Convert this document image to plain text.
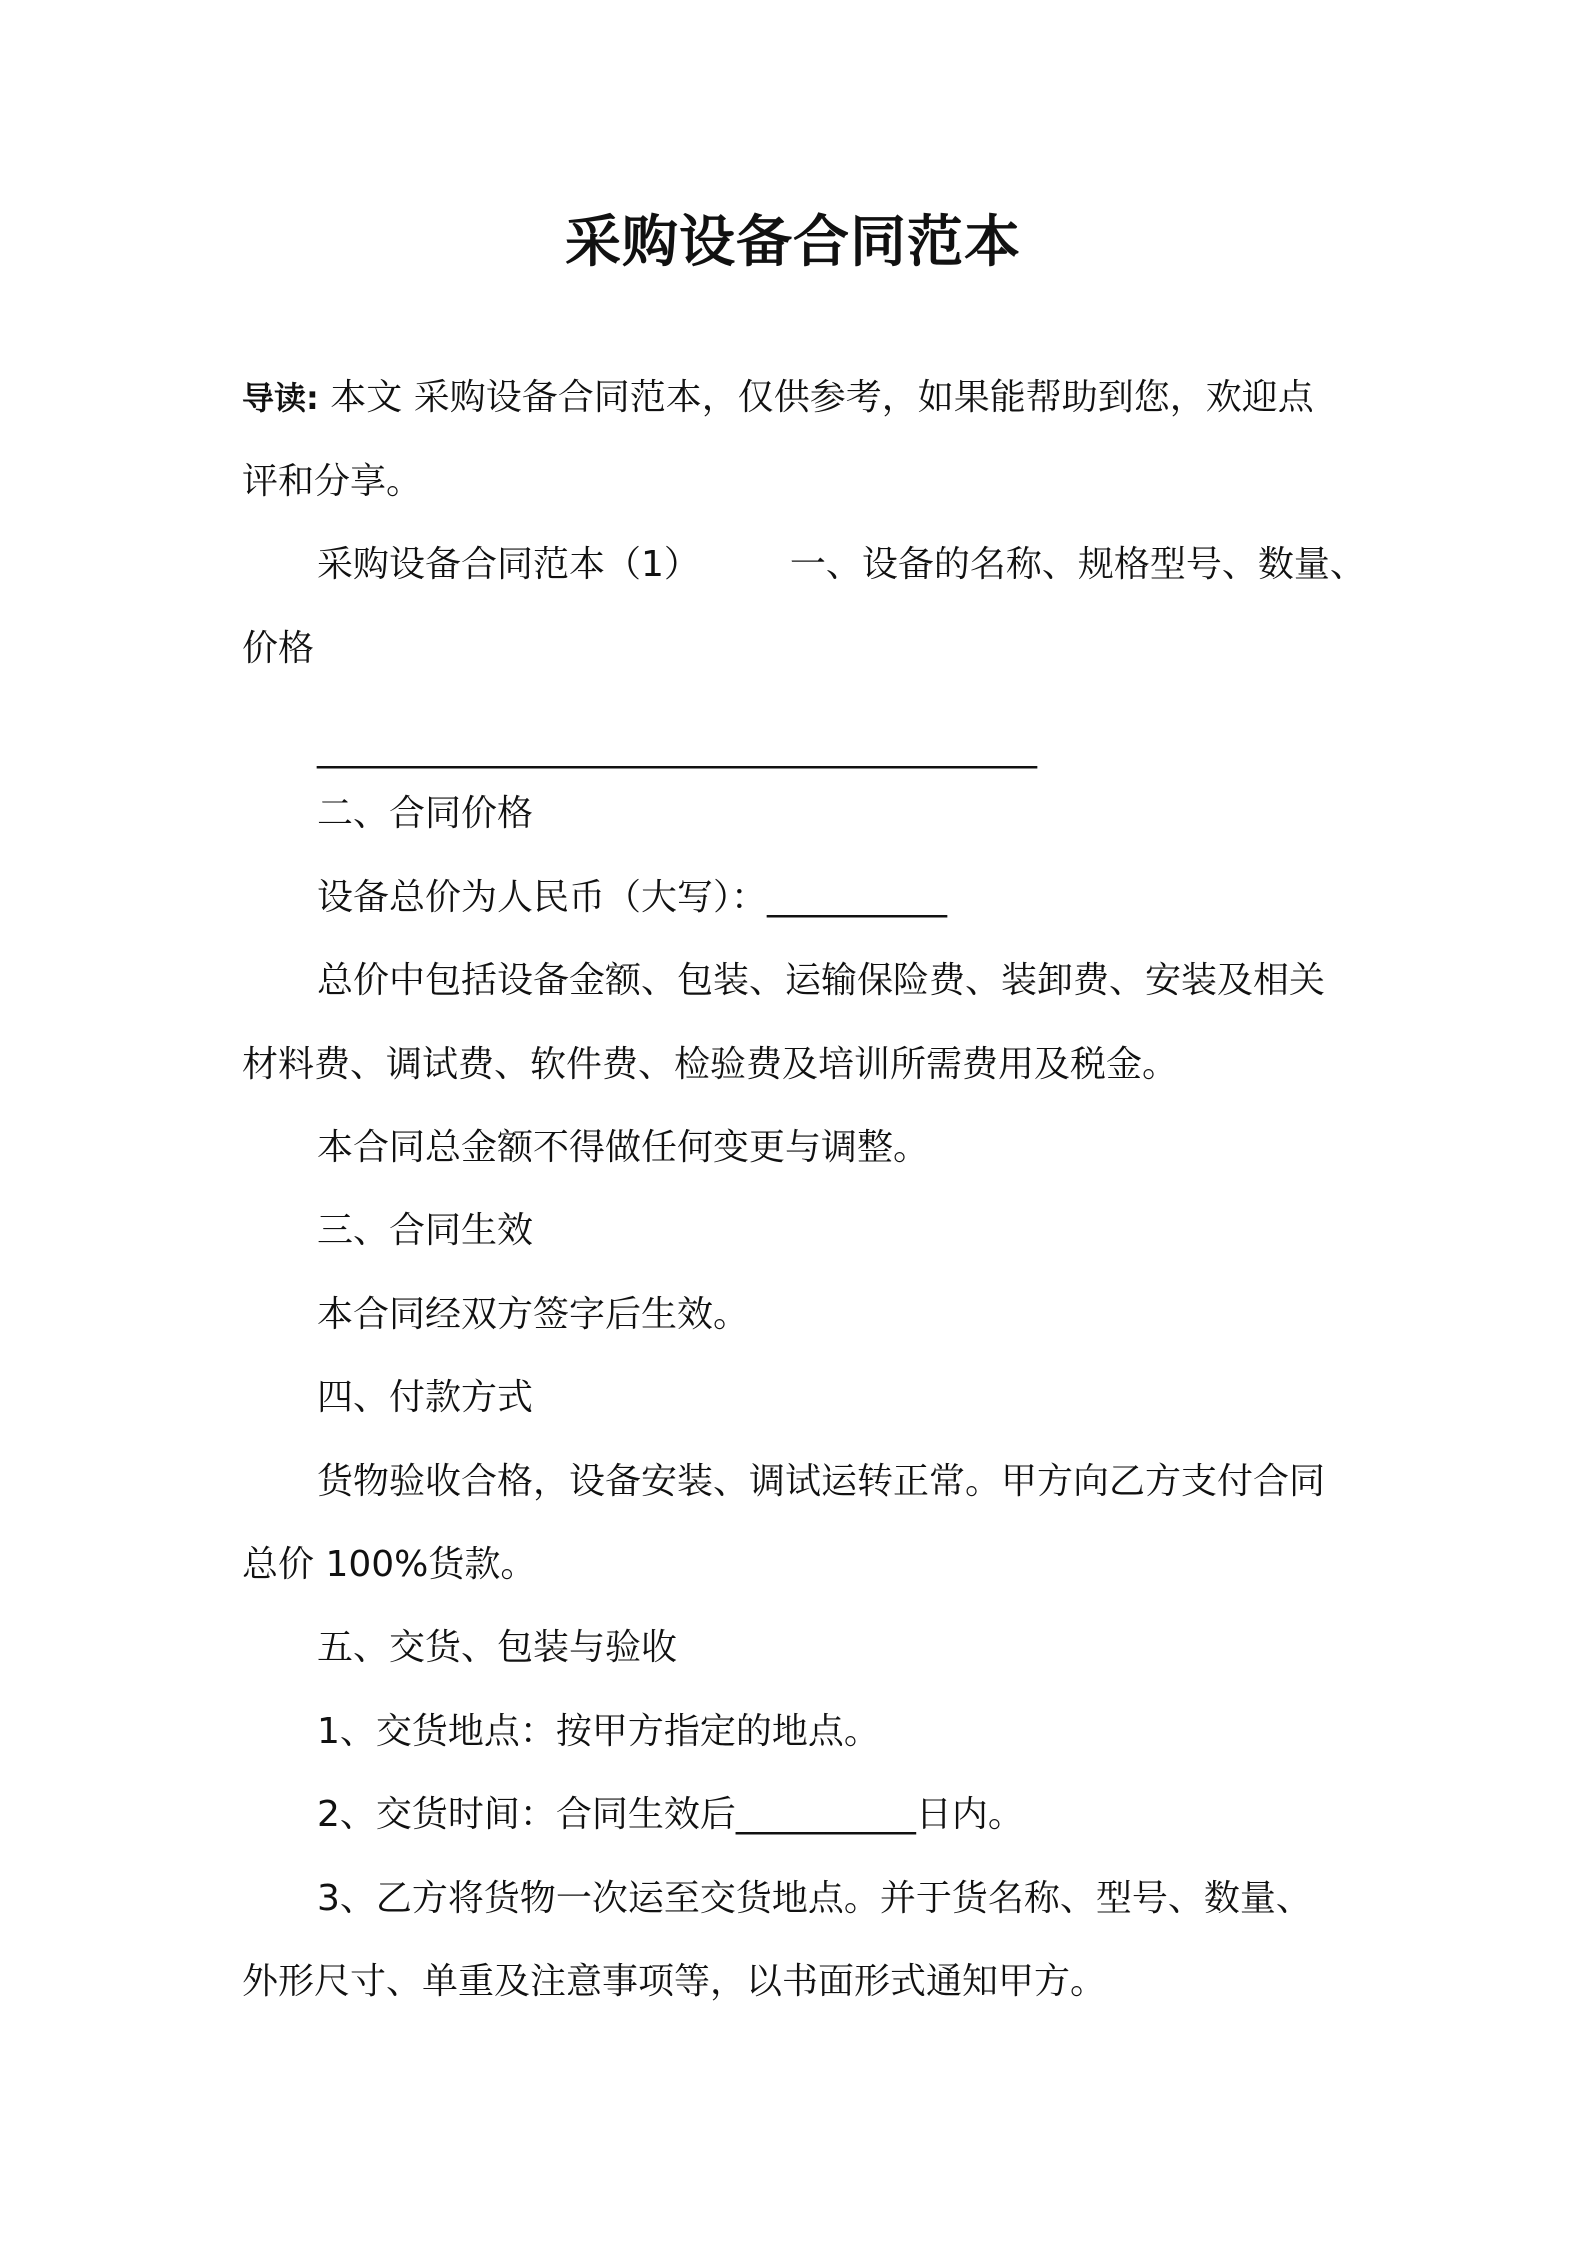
采购设备合同范本
导读: 本文 采购设备合同范本，仅供参考，如果能帮助到您，欢迎点
评和分享。
采购设备合同范本（1）	一、设备的名称、规格型号、数量、
价格
________________________________________
二、合同价格
设备总价为人民币（大写）：__________
总价中包括设备金额、包装、运输保险费、装卸费、安装及相关
材料费、调试费、软件费、检验费及培训所需费用及税金。
本合同总金额不得做任何变更与调整。
三、合同生效
本合同经双方签字后生效。
四、付款方式
货物验收合格，设备安装、调试运转正常。甲方向乙方支付合同
总价 100%货款。
五、交货、包装与验收
1、交货地点：按甲方指定的地点。
2、交货时间：合同生效后__________日内。
3、乙方将货物一次运至交货地点。并于货名称、型号、数量、
外形尺寸、单重及注意事项等，以书面形式通知甲方。
